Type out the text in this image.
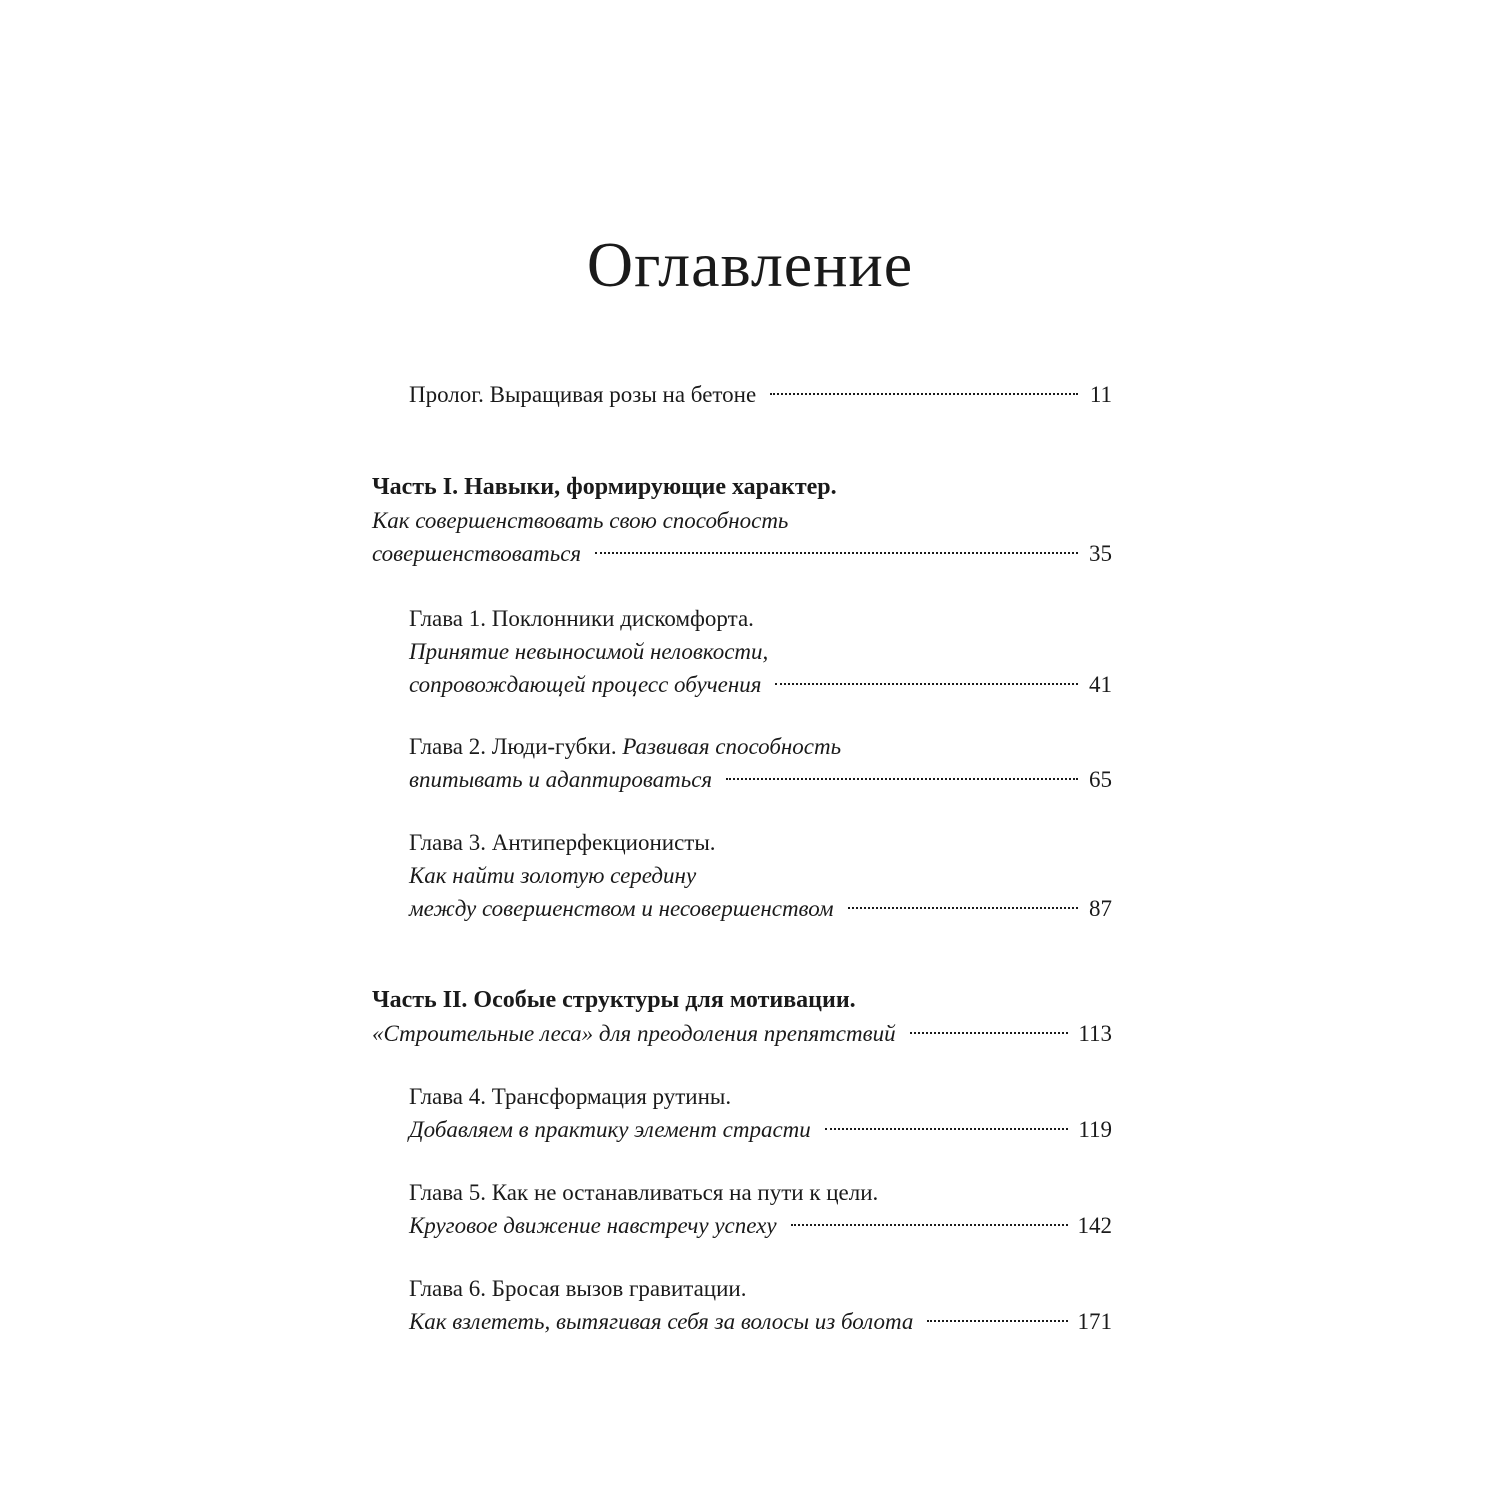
Оглавление
Пролог. Выращивая розы на бетоне	11
Часть I. Навыки, формирующие характер.
Как совершенствовать свою способность
совершенствоваться	35
Глава 1. Поклонники дискомфорта.
Принятие невыносимой неловкости,
сопровождающей процесс обучения	41
Глава 2. Люди-губки.
Развивая способность
впитывать и адаптироваться	65
Глава 3. Антиперфекционисты.
Как найти золотую середину
между совершенством и несовершенством	87
Часть II. Особые структуры для мотивации.
«Строительные леса» для преодоления препятствий	113
Глава 4. Трансформация рутины.
Добавляем в практику элемент страсти	119
Глава 5. Как не останавливаться на пути к цели.
Круговое движение навстречу успеху	142
Глава 6. Бросая вызов гравитации.
Как взлететь, вытягивая себя за волосы из болота	171
